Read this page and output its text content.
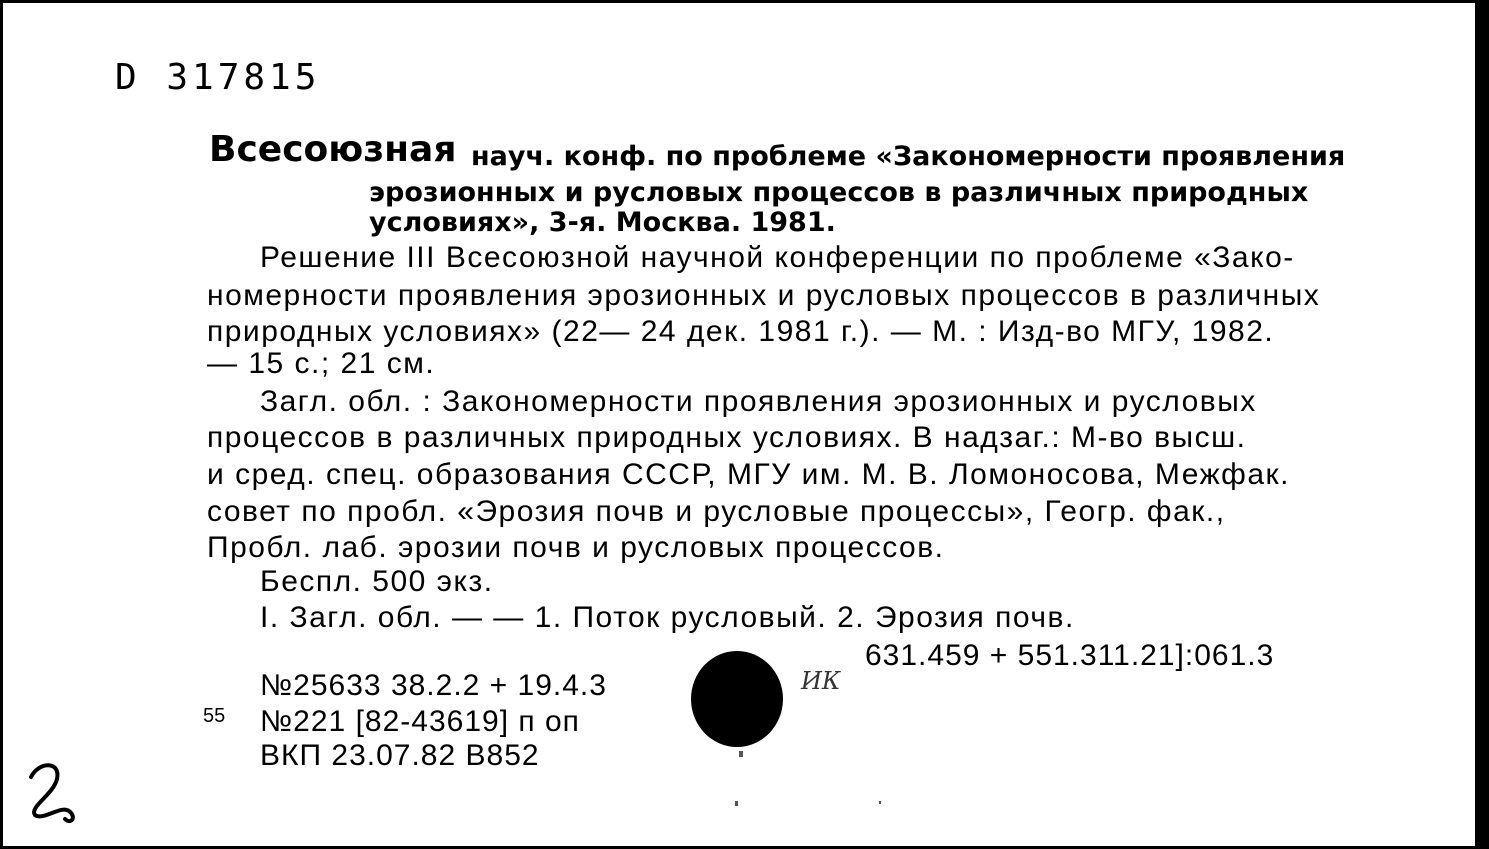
D 317815
Всесоюзная науч. конф. по проблеме «Закономерности проявления
эрозионных и русловых процессов в различных природных
условиях», 3-я. Москва. 1981.
Решение III Всесоюзной научной конференции по проблеме «Зако-
номерности проявления эрозионных и русловых процессов в различных
природных условиях» (22— 24 дек. 1981 г.). — М. : Изд-во МГУ, 1982.
— 15 с.; 21 см.
Загл. обл. : Закономерности проявления эрозионных и русловых
процессов в различных природных условиях. В надзаг.: М-во высш.
и сред. спец. образования СССР, МГУ им. М. В. Ломоносова, Межфак.
совет по пробл. «Эрозия почв и русловые процессы», Геогр. фак.,
Пробл. лаб. эрозии почв и русловых процессов.
Беспл. 500 экз.
I. Загл. обл. — — 1. Поток русловый. 2. Эрозия почв.
631.459 + 551.311.21]:061.3
№25633 38.2.2 + 19.4.3
№221 [82-43619] п оп
ВКП 23.07.82 В852
55
ИК
